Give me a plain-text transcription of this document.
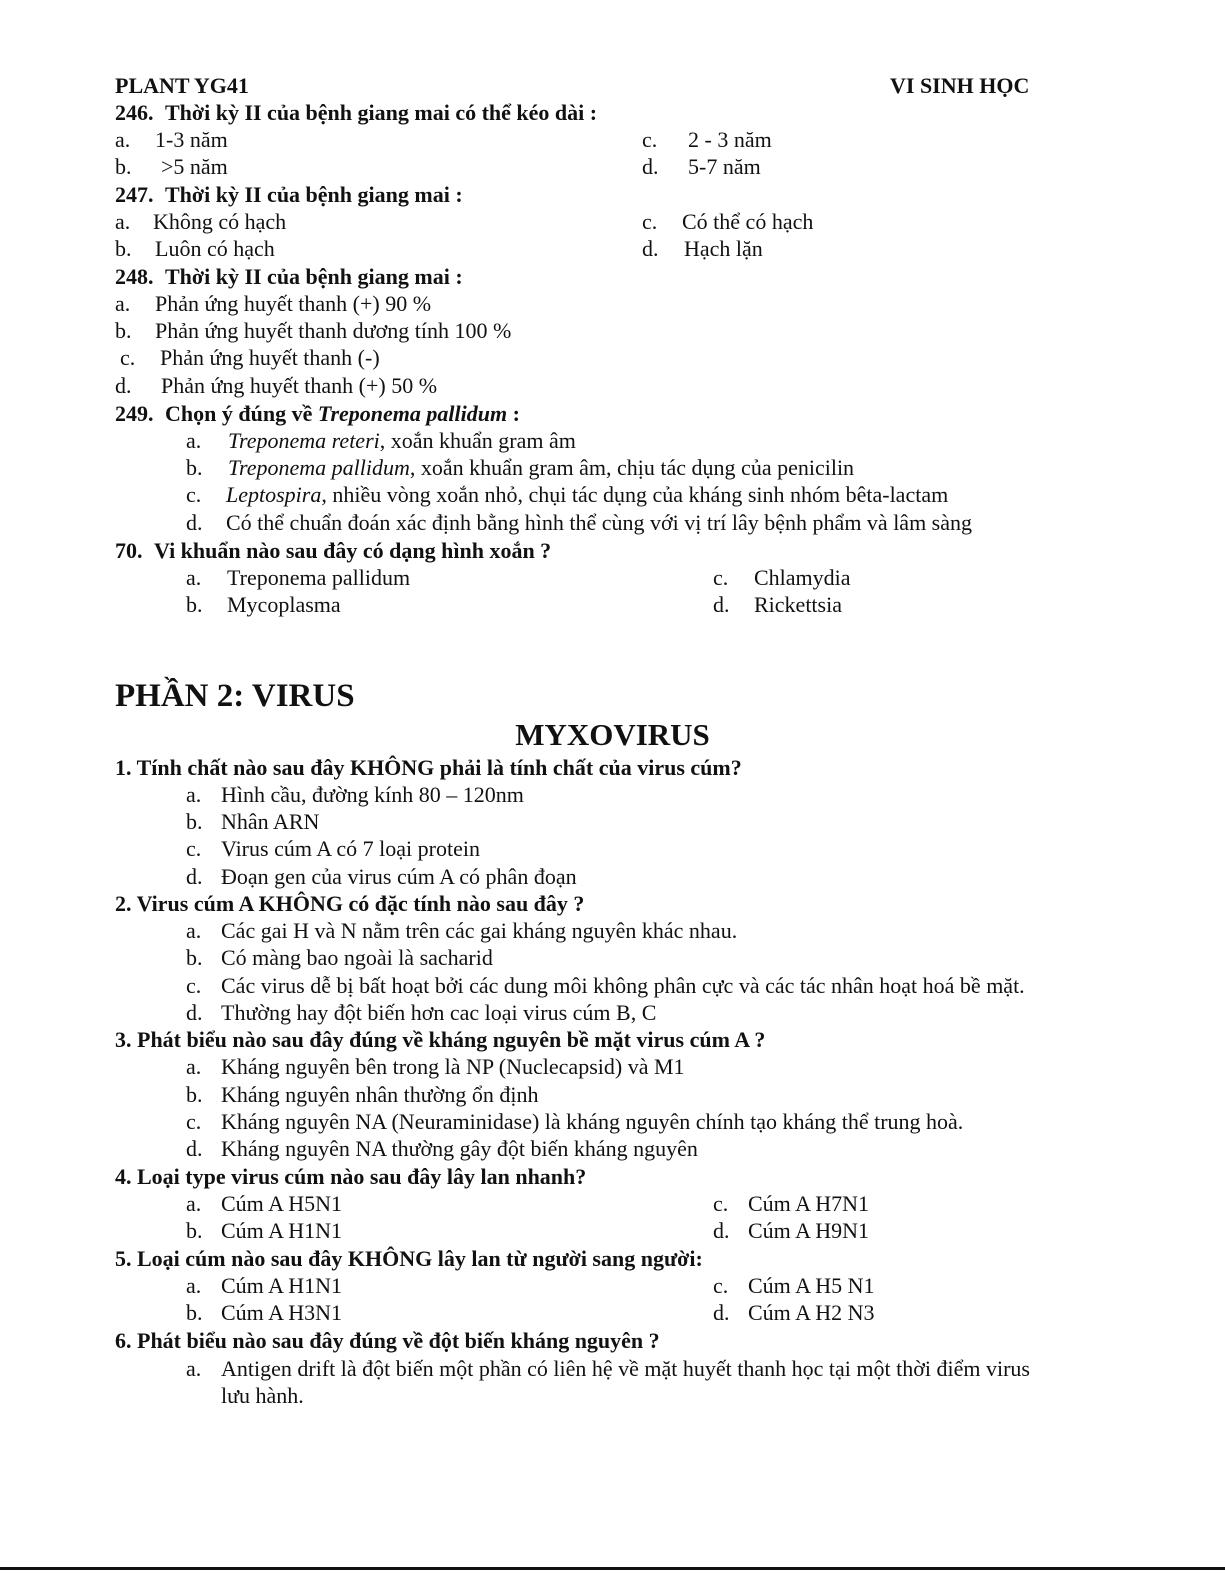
PLANT YG41	VI SINH HỌC
246. Thời kỳ II của bệnh giang mai có thể kéo dài :
a. 1-3 năm
b. >5 năm
c. 2 - 3 năm
d. 5-7 năm
247. Thời kỳ II của bệnh giang mai :
a. Không có hạch
b. Luôn có hạch
c. Có thể có hạch
d. Hạch lặn
248. Thời kỳ II của bệnh giang mai :
a. Phản ứng huyết thanh (+) 90 %
b. Phản ứng huyết thanh dương tính 100 %
c. Phản ứng huyết thanh (-)
d. Phản ứng huyết thanh (+) 50 %
249. Chọn ý đúng về Treponema pallidum :
a. Treponema reteri, xoắn khuẩn gram âm
b. Treponema pallidum, xoắn khuẩn gram âm, chịu tác dụng của penicilin
c. Leptospira, nhiều vòng xoắn nhỏ, chụi tác dụng của kháng sinh nhóm bêta-lactam
d. Có thể chuẩn đoán xác định bằng hình thể cùng với vị trí lây bệnh phẩm và lâm sàng
70. Vi khuẩn nào sau đây có dạng hình xoắn ?
a. Treponema pallidum
b. Mycoplasma
c. Chlamydia
d. Rickettsia
PHẦN 2: VIRUS
MYXOVIRUS
1. Tính chất nào sau đây KHÔNG phải là tính chất của virus cúm?
a. Hình cầu, đường kính 80 – 120nm
b. Nhân ARN
c. Virus cúm A có 7 loại protein
d. Đoạn gen của virus cúm A có phân đoạn
2. Virus cúm A KHÔNG có đặc tính nào sau đây ?
a. Các gai H và N nằm trên các gai kháng nguyên khác nhau.
b. Có màng bao ngoài là sacharid
c. Các virus dễ bị bất hoạt bởi các dung môi không phân cực và các tác nhân hoạt hoá bề mặt.
d. Thường hay đột biến hơn cac loại virus cúm B, C
3. Phát biểu nào sau đây đúng về kháng nguyên bề mặt virus cúm A ?
a. Kháng nguyên bên trong là NP (Nuclecapsid) và M1
b. Kháng nguyên nhân thường ổn định
c. Kháng nguyên NA (Neuraminidase) là kháng nguyên chính tạo kháng thể trung hoà.
d. Kháng nguyên NA thường gây đột biến kháng nguyên
4. Loại type virus cúm nào sau đây lây lan nhanh?
a. Cúm A H5N1
b. Cúm A H1N1
c. Cúm A H7N1
d. Cúm A H9N1
5. Loại cúm nào sau đây KHÔNG lây lan từ người sang người:
a. Cúm A H1N1
b. Cúm A H3N1
c. Cúm A H5 N1
d. Cúm A H2 N3
6. Phát biểu nào sau đây đúng về đột biến kháng nguyên ?
a. Antigen drift là đột biến một phần có liên hệ về mặt huyết thanh học tại một thời điểm virus
lưu hành.
